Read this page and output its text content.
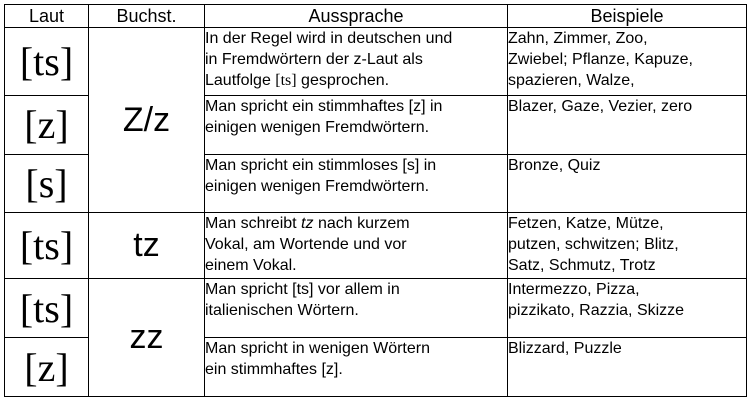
Laut	Buchst.	Aussprache	Beispiele
[ts]	Z/z	In der Regel wird in deutschen und
in Fremdwörtern der z-Laut als
Lautfolge [ts] gesprochen.	Zahn, Zimmer, Zoo,
Zwiebel; Pflanze, Kapuze,
spazieren, Walze,
[z]		Man spricht ein stimmhaftes [z] in
einigen wenigen Fremdwörtern.	Blazer, Gaze, Vezier, zero
[s]		Man spricht ein stimmloses [s] in
einigen wenigen Fremdwörtern.	Bronze, Quiz
[ts]	tz	Man schreibt tz nach kurzem
Vokal, am Wortende und vor
einem Vokal.	Fetzen, Katze, Mütze,
putzen, schwitzen; Blitz,
Satz, Schmutz, Trotz
[ts]	zz	Man spricht [ts] vor allem in
italienischen Wörtern.	Intermezzo, Pizza,
pizzikato, Razzia, Skizze
[z]		Man spricht in wenigen Wörtern
ein stimmhaftes [z].	Blizzard, Puzzle
